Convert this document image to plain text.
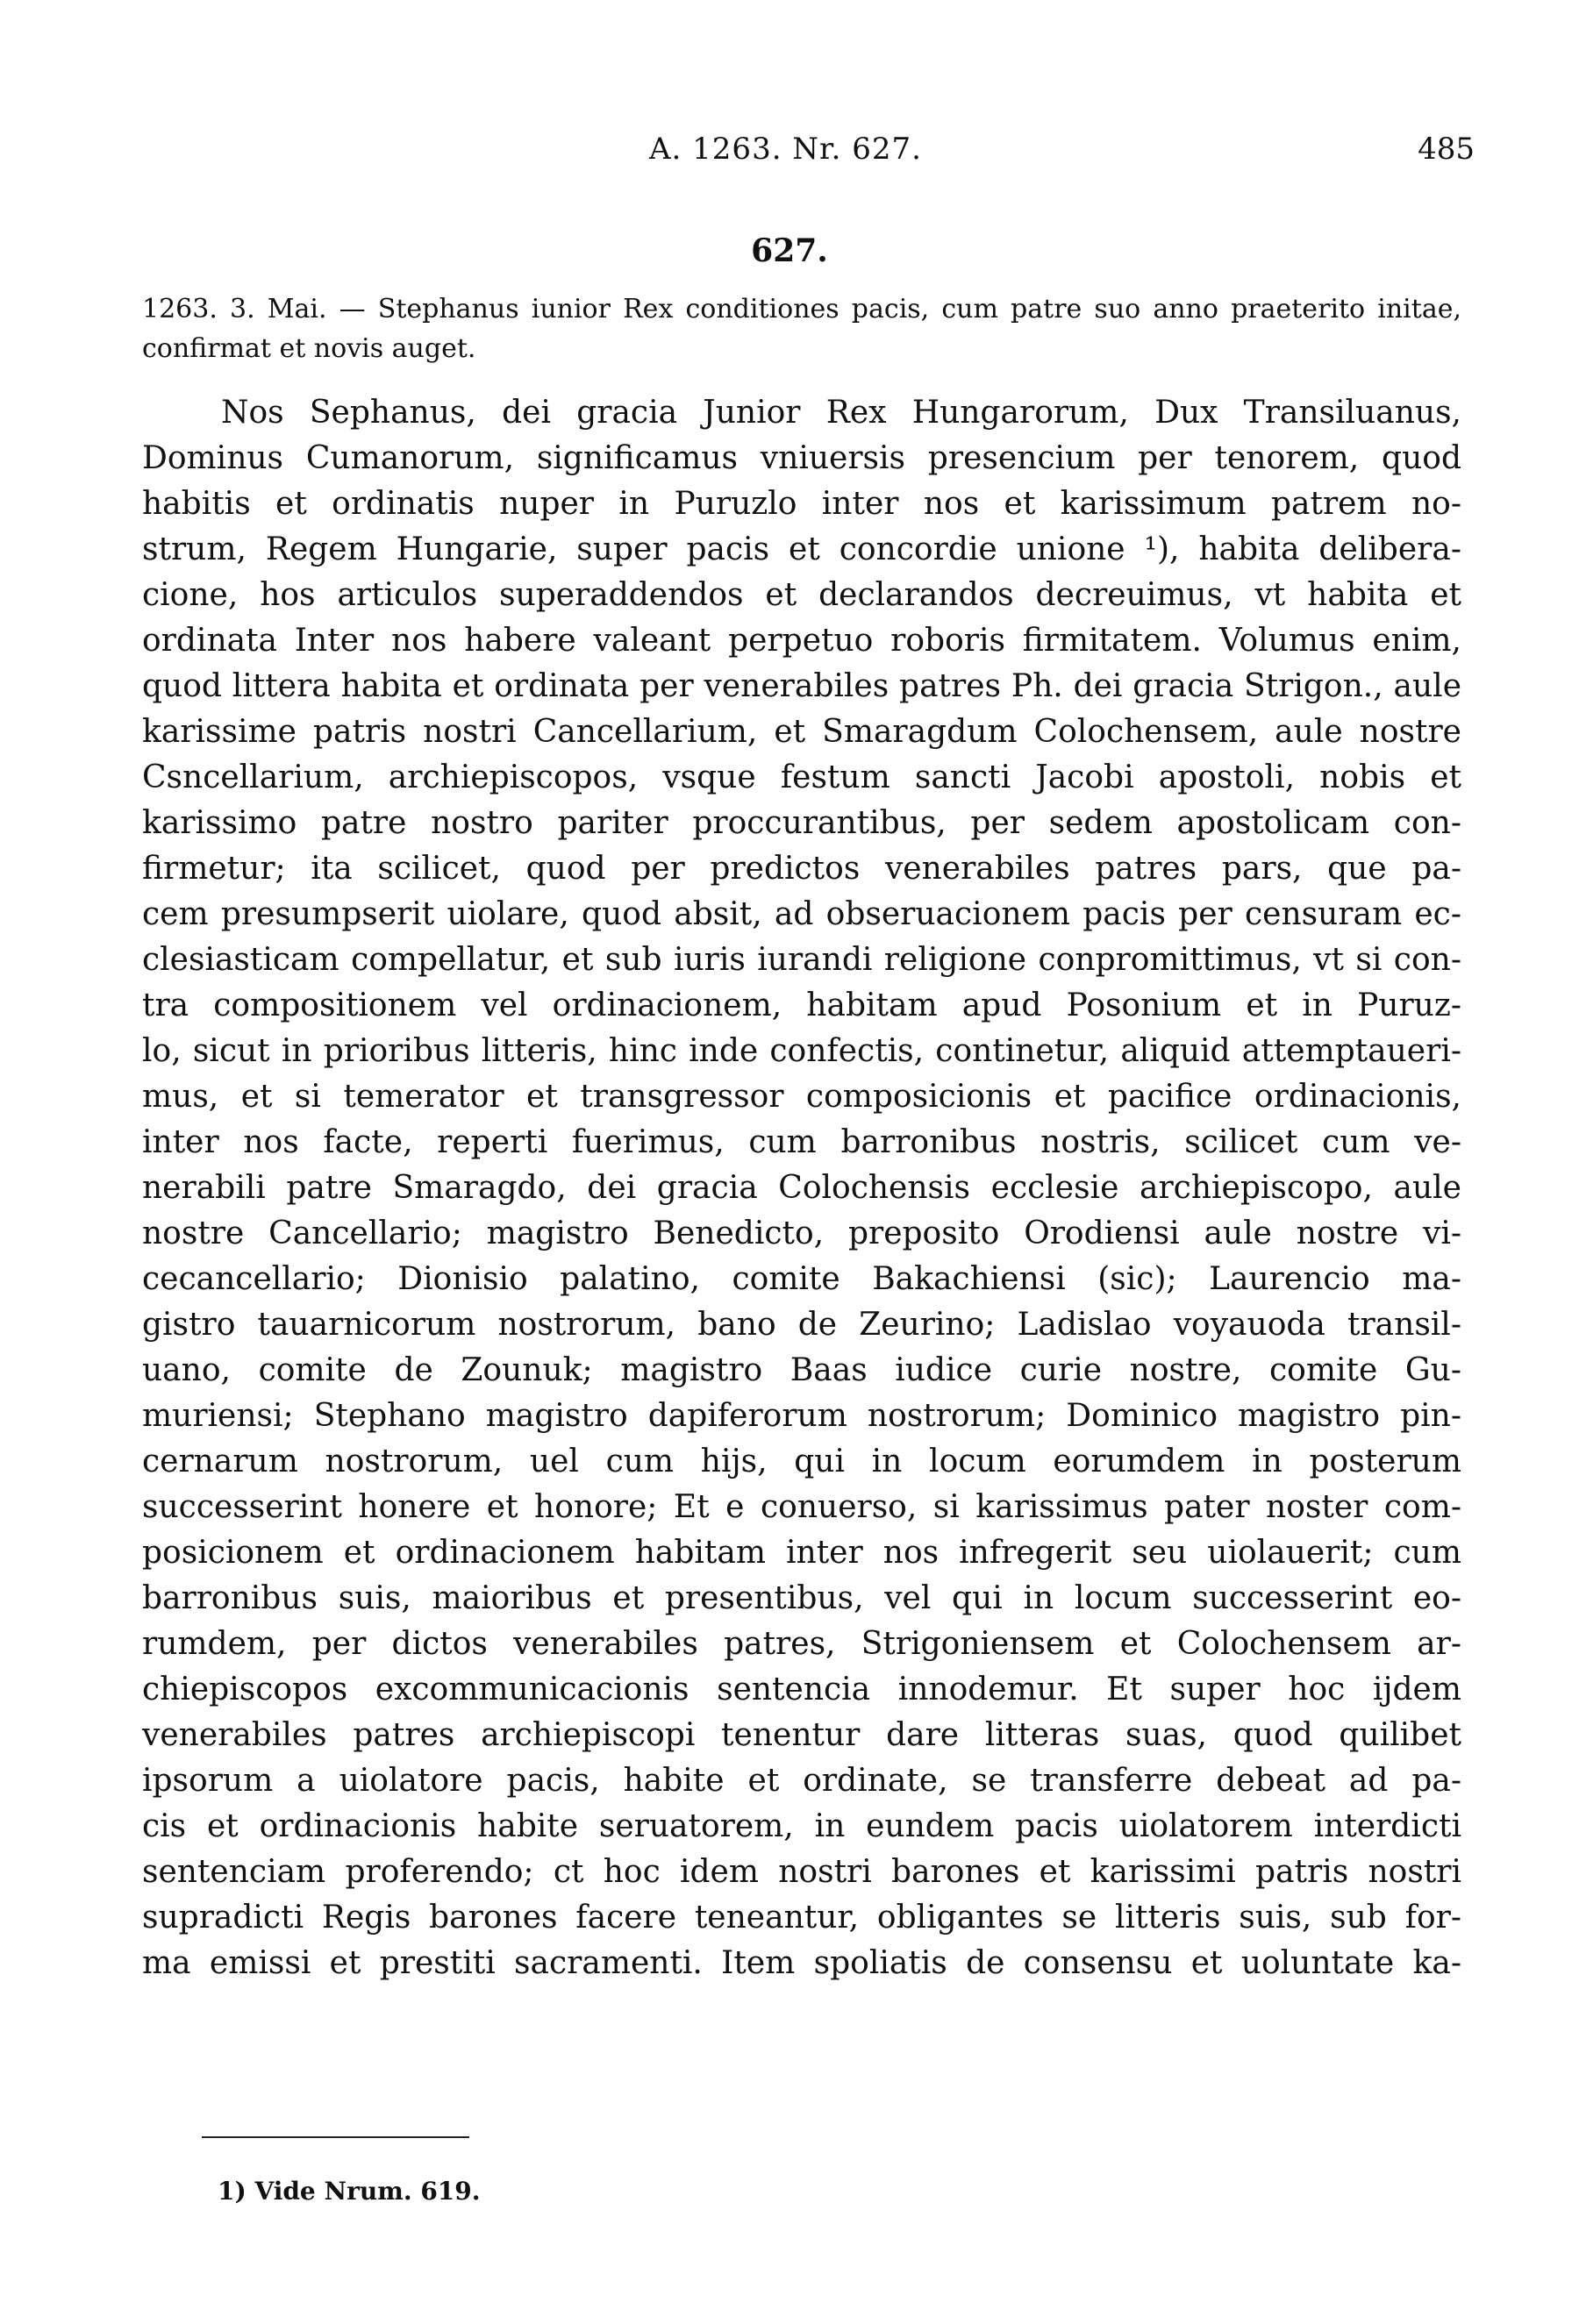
A. 1263. Nr. 627.	485
627.
1263. 3. Mai. — Stephanus iunior Rex conditiones pacis, cum patre suo anno praeterito initae, confirmat et novis auget.
Nos Sephanus, dei gracia Junior Rex Hungarorum, Dux Transiluanus,
Dominus Cumanorum, significamus vniuersis presencium per tenorem, quod
habitis et ordinatis nuper in Puruzlo inter nos et karissimum patrem no-
strum, Regem Hungarie, super pacis et concordie unione ¹), habita delibera-
cione, hos articulos superaddendos et declarandos decreuimus, vt habita et
ordinata Inter nos habere valeant perpetuo roboris firmitatem. Volumus enim,
quod littera habita et ordinata per venerabiles patres Ph. dei gracia Strigon., aule
karissime patris nostri Cancellarium, et Smaragdum Colochensem, aule nostre
Csncellarium, archiepiscopos, vsque festum sancti Jacobi apostoli, nobis et
karissimo patre nostro pariter proccurantibus, per sedem apostolicam con-
firmetur; ita scilicet, quod per predictos venerabiles patres pars, que pa-
cem presumpserit uiolare, quod absit, ad obseruacionem pacis per censuram ec-
clesiasticam compellatur, et sub iuris iurandi religione conpromittimus, vt si con-
tra compositionem vel ordinacionem, habitam apud Posonium et in Puruz-
lo, sicut in prioribus litteris, hinc inde confectis, continetur, aliquid attemptaueri-
mus, et si temerator et transgressor composicionis et pacifice ordinacionis,
inter nos facte, reperti fuerimus, cum barronibus nostris, scilicet cum ve-
nerabili patre Smaragdo, dei gracia Colochensis ecclesie archiepiscopo, aule
nostre Cancellario; magistro Benedicto, preposito Orodiensi aule nostre vi-
cecancellario; Dionisio palatino, comite Bakachiensi (sic); Laurencio ma-
gistro tauarnicorum nostrorum, bano de Zeurino; Ladislao voyauoda transil-
uano, comite de Zounuk; magistro Baas iudice curie nostre, comite Gu-
muriensi; Stephano magistro dapiferorum nostrorum; Dominico magistro pin-
cernarum nostrorum, uel cum hijs, qui in locum eorumdem in posterum
successerint honere et honore; Et e conuerso, si karissimus pater noster com-
posicionem et ordinacionem habitam inter nos infregerit seu uiolauerit; cum
barronibus suis, maioribus et presentibus, vel qui in locum successerint eo-
rumdem, per dictos venerabiles patres, Strigoniensem et Colochensem ar-
chiepiscopos excommunicacionis sentencia innodemur. Et super hoc ijdem
venerabiles patres archiepiscopi tenentur dare litteras suas, quod quilibet
ipsorum a uiolatore pacis, habite et ordinate, se transferre debeat ad pa-
cis et ordinacionis habite seruatorem, in eundem pacis uiolatorem interdicti
sentenciam proferendo; ct hoc idem nostri barones et karissimi patris nostri
supradicti Regis barones facere teneantur, obligantes se litteris suis, sub for-
ma emissi et prestiti sacramenti. Item spoliatis de consensu et uoluntate ka-
1) Vide Nrum. 619.
